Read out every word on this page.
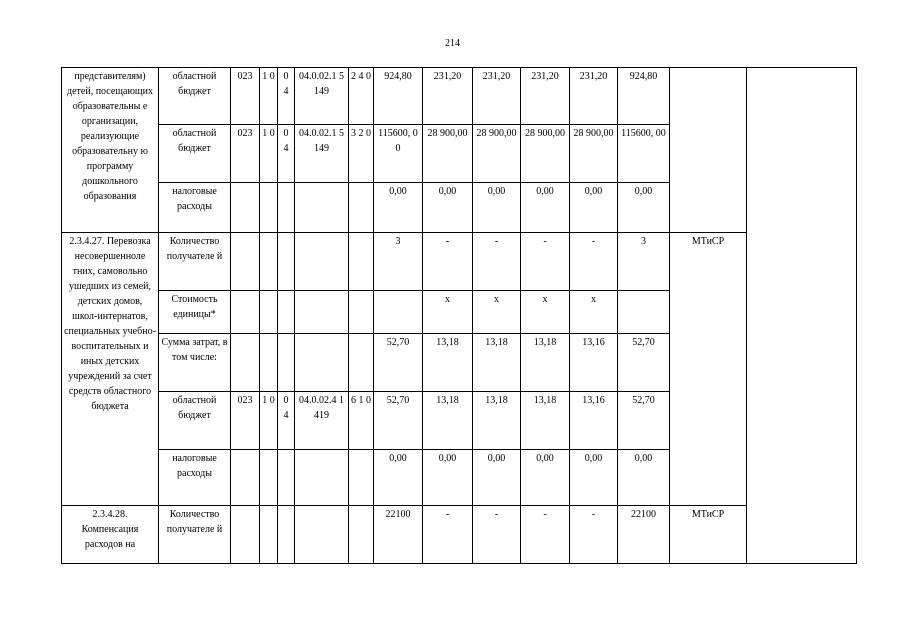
214
представителям) детей, посещающих образовательны е организации, реализующие образовательну ю программу дошкольного образования	областной бюджет	023	1 0	0 4	04.0.02.1 5149	2 4 0	924,80	231,20	231,20	231,20	231,20	924,80		
	областной бюджет	023	1 0	0 4	04.0.02.1 5149	3 2 0	115600, 00	28 900,00	28 900,00	28 900,00	28 900,00	115600, 00		
	налоговые расходы						0,00	0,00	0,00	0,00	0,00	0,00		
2.3.4.27. Перевозка несовершенноле тних, самовольно ушедших из семей, детских домов, школ-интернатов, специальных учебно-воспитательных и иных детских учреждений за счет средств областного бюджета	Количество получателе й						3	-	-	-	-	3	МТиСР	
	Стоимость единицы*							х	х	х	х			
	Сумма затрат, в том числе:						52,70	13,18	13,18	13,18	13,16	52,70		
	областной бюджет	023	1 0	0 4	04.0.02.4 1419	6 1 0	52,70	13,18	13,18	13,18	13,16	52,70		
	налоговые расходы						0,00	0,00	0,00	0,00	0,00	0,00		
2.3.4.28. Компенсация расходов на	Количество получателе й						22100	-	-	-	-	22100	МТиСР	
